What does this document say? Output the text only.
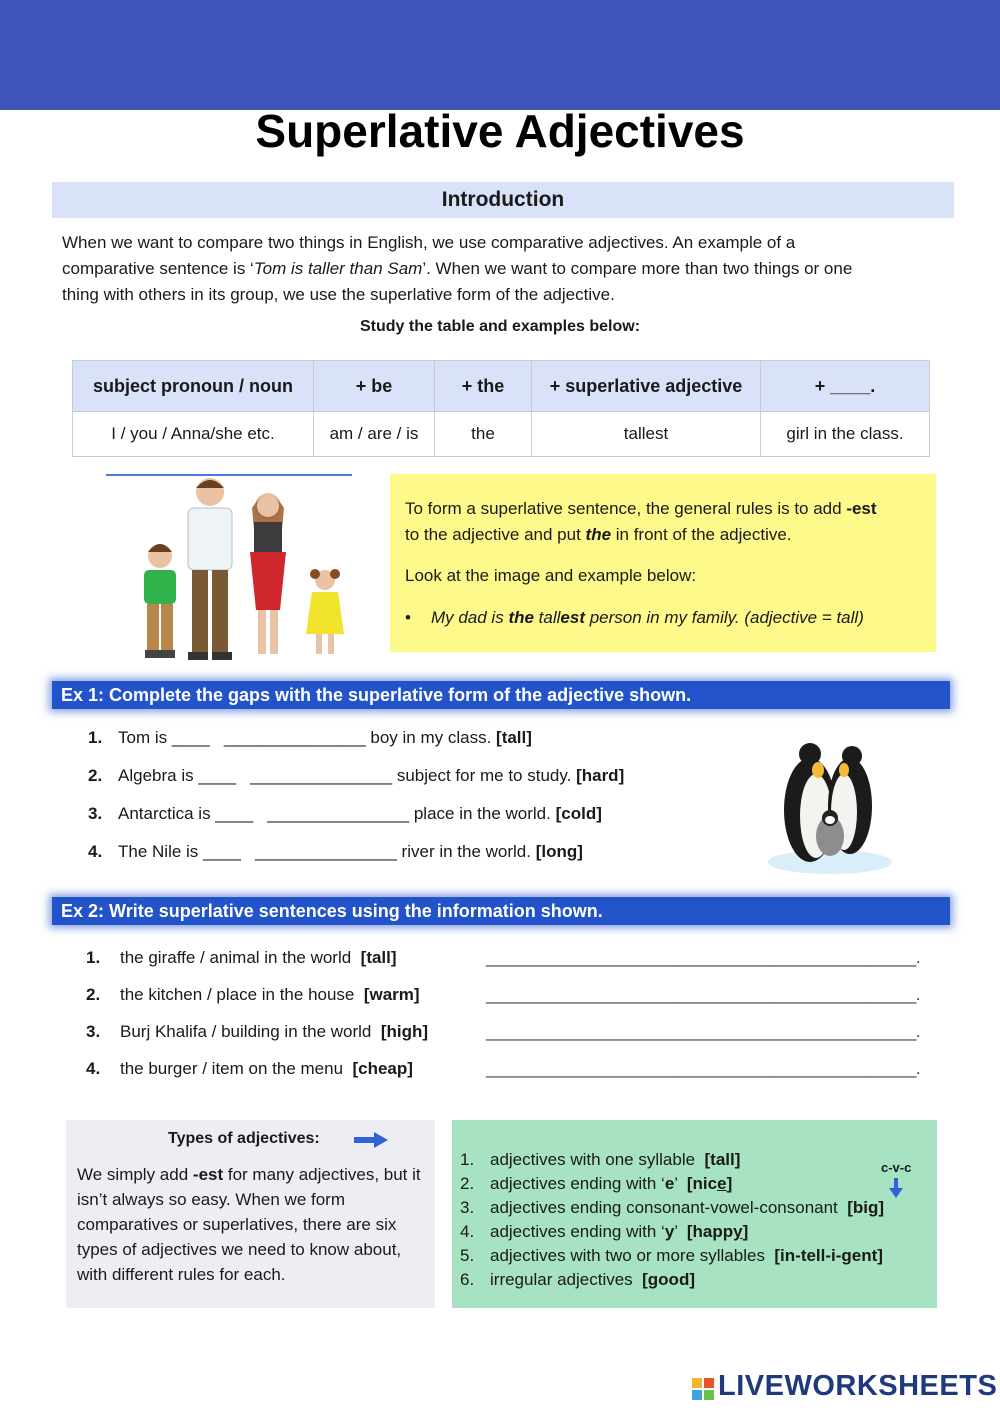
Superlative Adjectives
Introduction
When we want to compare two things in English, we use comparative adjectives. An example of a
comparative sentence is ‘Tom is taller than Sam’. When we want to compare more than two things or one
thing with others in its group, we use the superlative form of the adjective.
Study the table and examples below:
subject pronoun / noun	+ be	+ the	+ superlative adjective	+ ____.
I / you / Anna/she etc.	am / are / is	the	tallest	girl in the class.
To form a superlative sentence, the general rules is to add -est
to the adjective and put the in front of the adjective.
Look at the image and example below:
• My dad is the tallest person in my family. (adjective = tall)
Ex 1: Complete the gaps with the superlative form of the adjective shown.
1. Tom is ____   _______________ boy in my class. [tall]
2. Algebra is ____   _______________ subject for me to study. [hard]
3. Antarctica is ____   _______________ place in the world. [cold]
4. The Nile is ____   _______________ river in the world. [long]
Ex 2: Write superlative sentences using the information shown.
1.	the giraffe / animal in the world  [tall]	________________________________________________.
2.	the kitchen / place in the house  [warm]	________________________________________________.
3.	Burj Khalifa / building in the world  [high]	________________________________________________.
4.	the burger / item on the menu  [cheap]	________________________________________________.
Types of adjectives:
We simply add -est for many adjectives, but it isn’t always so easy. When we form comparatives or superlatives, there are six types of adjectives we need to know about, with different rules for each.
1. adjectives with one syllable  [tall]
2. adjectives ending with ‘e’  [nice]
3. adjectives ending consonant-vowel-consonant  [big]
4. adjectives ending with ‘y’  [happy]
5. adjectives with two or more syllables  [in-tell-i-gent]
6. irregular adjectives  [good]
c-v-c
LIVEWORKSHEETS
